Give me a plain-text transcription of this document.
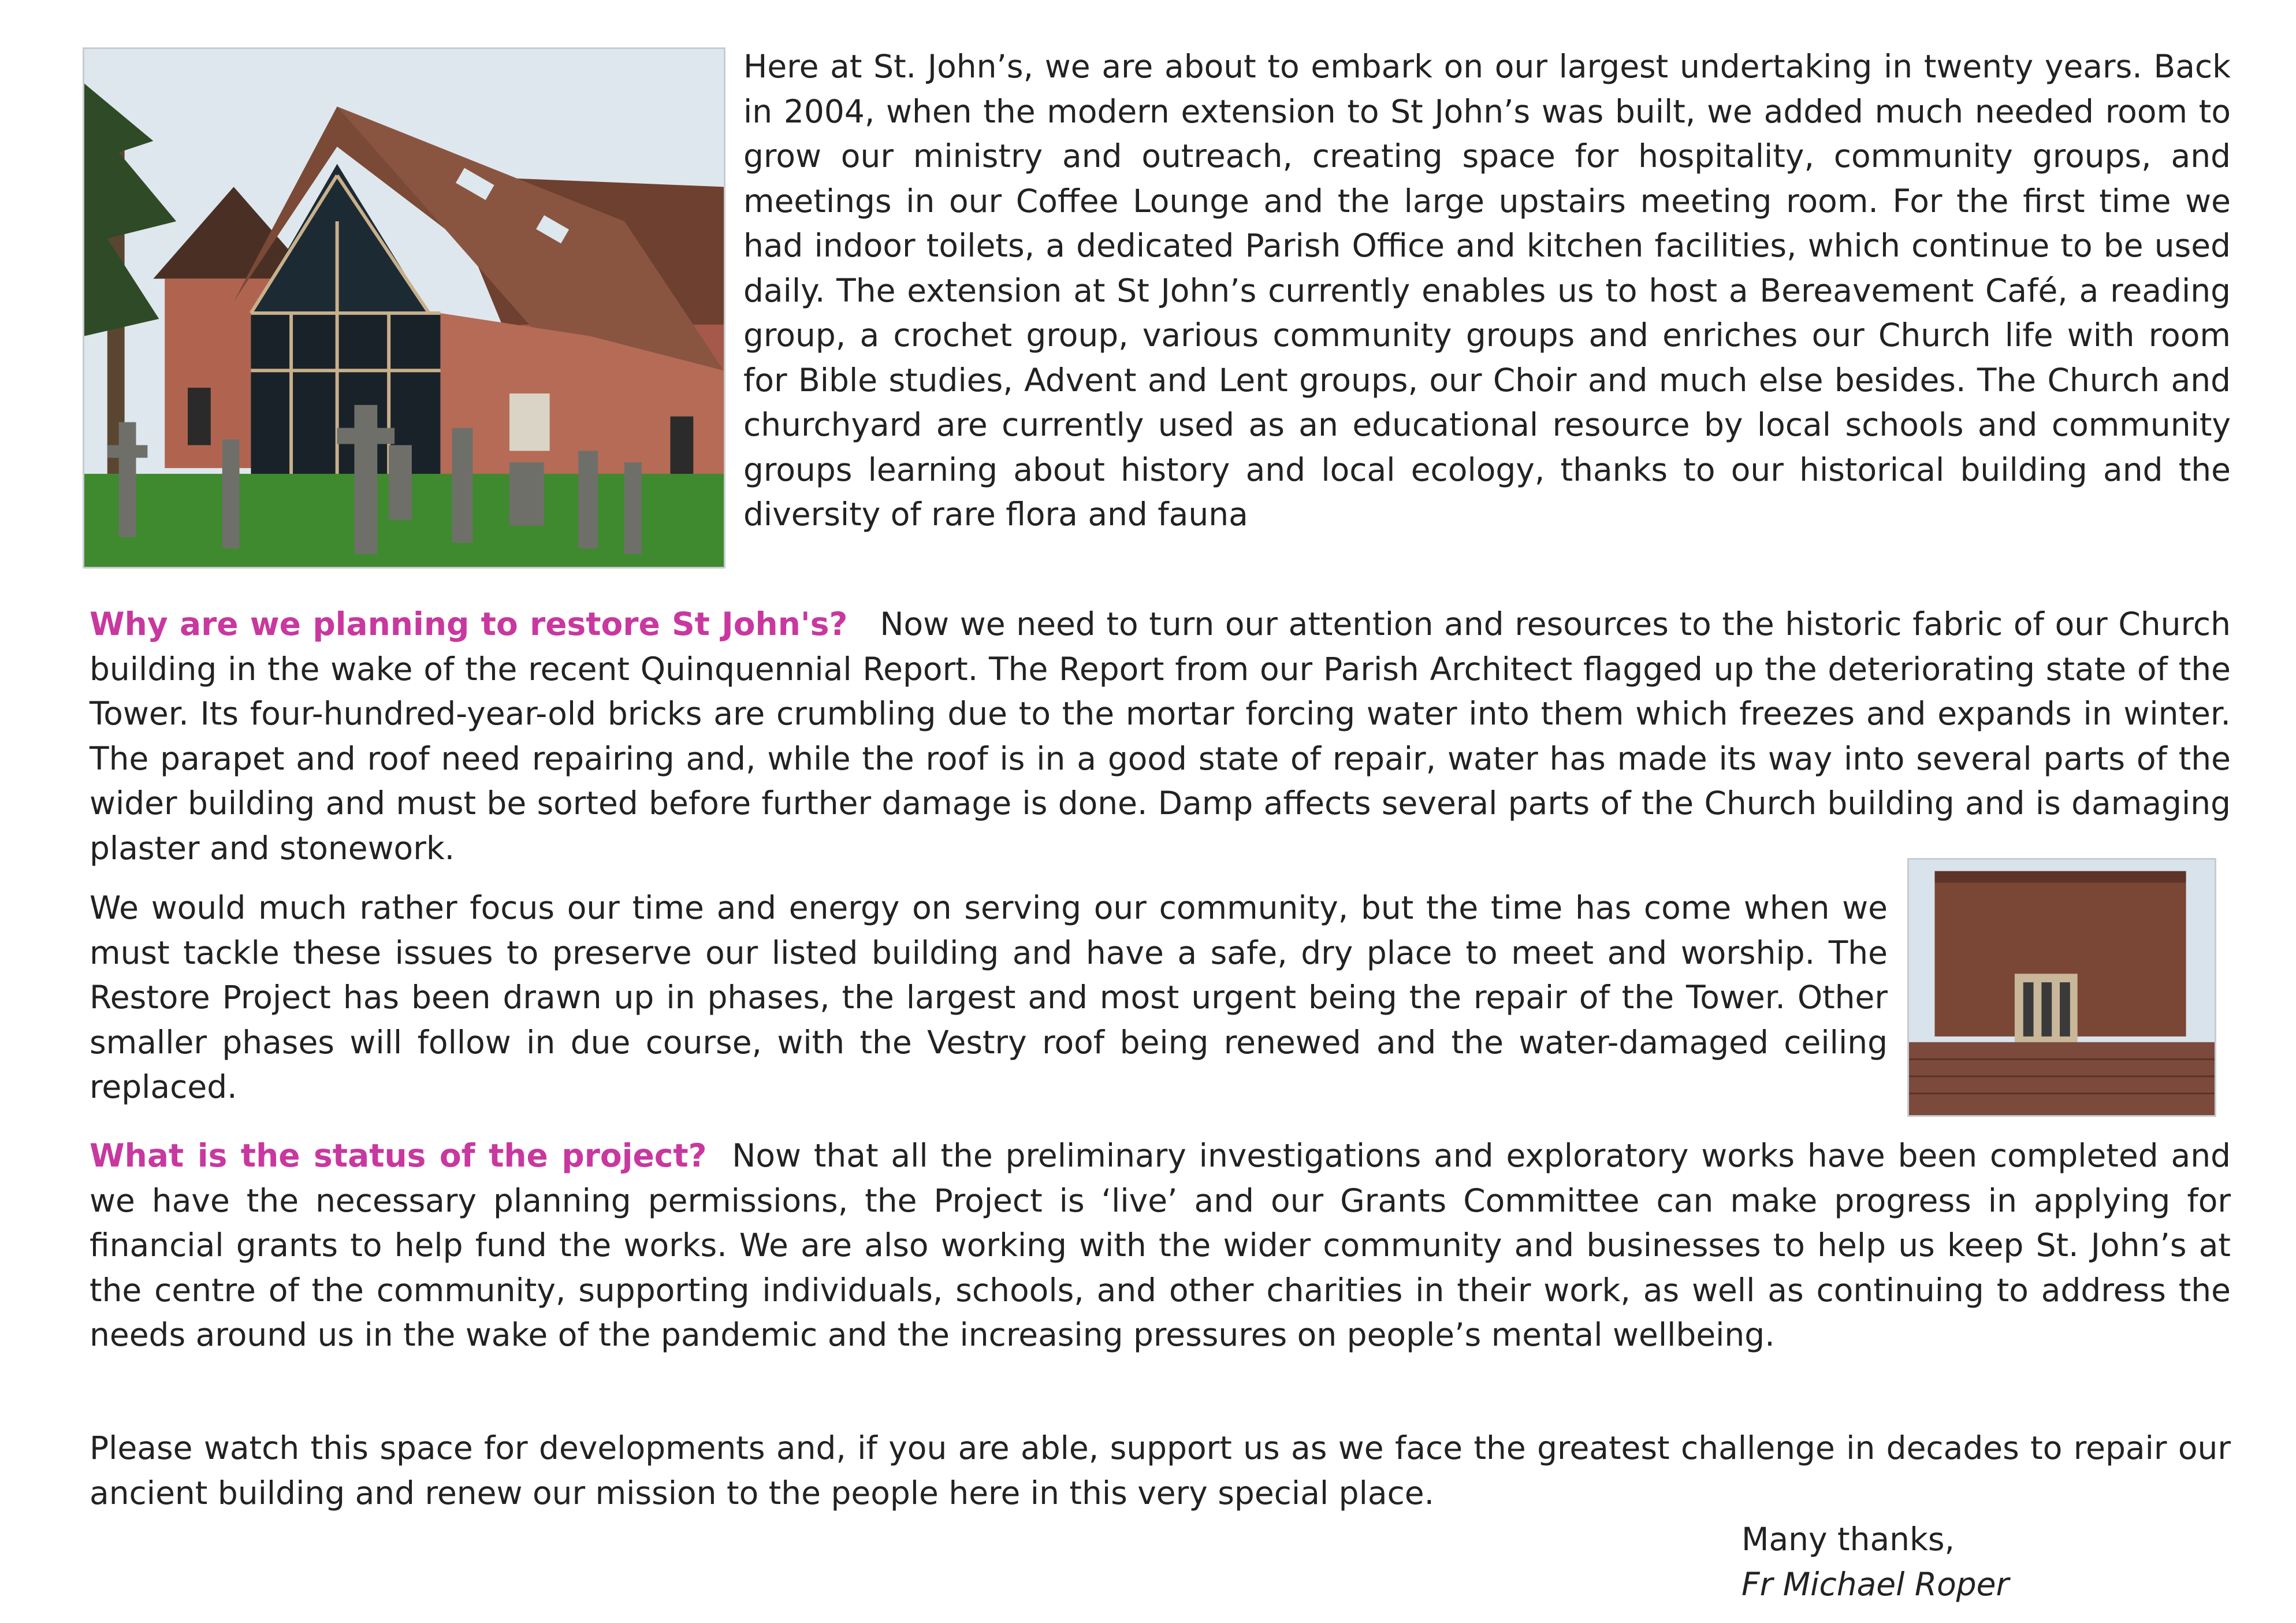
Here at St. John’s, we are about to embark on our largest undertaking in twenty years. Back in 2004, when the modern extension to St John’s was built, we added much needed room to grow our ministry and outreach, creating space for hospitality, community groups, and meetings in our Coffee Lounge and the large upstairs meeting room. For the first time we had indoor toilets, a dedicated Parish Office and kitchen facilities, which continue to be used daily. The extension at St John’s currently enables us to host a Bereavement Café, a reading group, a crochet group, various community groups and enriches our Church life with room for Bible studies, Advent and Lent groups, our Choir and much else besides. The Church and churchyard are currently used as an educational resource by local schools and community groups learning about history and local ecology, thanks to our historical building and the diversity of rare flora and fauna

Why are we planning to restore St John's? Now we need to turn our attention and resources to the historic fabric of our Church building in the wake of the recent Quinquennial Report. The Report from our Parish Architect flagged up the deteriorating state of the Tower. Its four-hundred-year-old bricks are crumbling due to the mortar forcing water into them which freezes and expands in winter. The parapet and roof need repairing and, while the roof is in a good state of repair, water has made its way into several parts of the wider building and must be sorted before further damage is done. Damp affects several parts of the Church building and is damaging plaster and stonework.

We would much rather focus our time and energy on serving our community, but the time has come when we must tackle these issues to preserve our listed building and have a safe, dry place to meet and worship. The Restore Project has been drawn up in phases, the largest and most urgent being the repair of the Tower. Other smaller phases will follow in due course, with the Vestry roof being renewed and the water-damaged ceiling replaced.

What is the status of the project? Now that all the preliminary investigations and exploratory works have been completed and we have the necessary planning permissions, the Project is ‘live’ and our Grants Committee can make progress in applying for financial grants to help fund the works. We are also working with the wider community and businesses to help us keep St. John’s at the centre of the community, supporting individuals, schools, and other charities in their work, as well as continuing to address the needs around us in the wake of the pandemic and the increasing pressures on people’s mental wellbeing.

Please watch this space for developments and, if you are able, support us as we face the greatest challenge in decades to repair our ancient building and renew our mission to the people here in this very special place.

Many thanks,
Fr Michael Roper
